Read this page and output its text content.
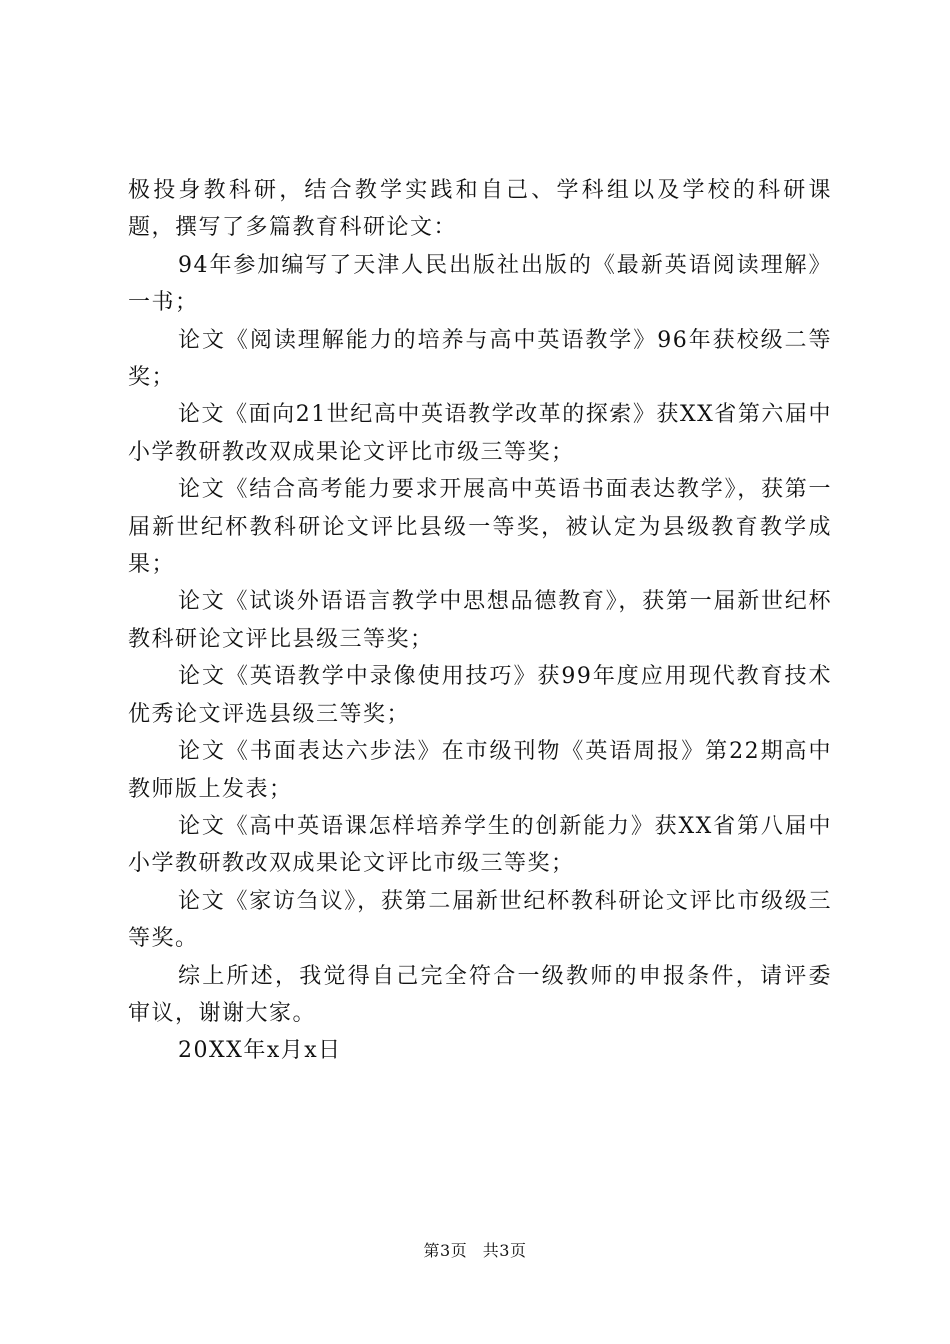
极投身教科研，结合教学实践和自己、学科组以及学校的科研课题，撰写了多篇教育科研论文：

94年参加编写了天津人民出版社出版的《最新英语阅读理解》一书；

论文《阅读理解能力的培养与高中英语教学》96年获校级二等奖；

论文《面向21世纪高中英语教学改革的探索》获XX省第六届中小学教研教改双成果论文评比市级三等奖；

论文《结合高考能力要求开展高中英语书面表达教学》，获第一届新世纪杯教科研论文评比县级一等奖，被认定为县级教育教学成果；

论文《试谈外语语言教学中思想品德教育》，获第一届新世纪杯教科研论文评比县级三等奖；

论文《英语教学中录像使用技巧》获99年度应用现代教育技术优秀论文评选县级三等奖；

论文《书面表达六步法》在市级刊物《英语周报》第22期高中教师版上发表；

论文《高中英语课怎样培养学生的创新能力》获XX省第八届中小学教研教改双成果论文评比市级三等奖；

论文《家访刍议》，获第二届新世纪杯教科研论文评比市级级三等奖。

综上所述，我觉得自己完全符合一级教师的申报条件，请评委审议，谢谢大家。

20XX年x月x日

第3页 共3页
